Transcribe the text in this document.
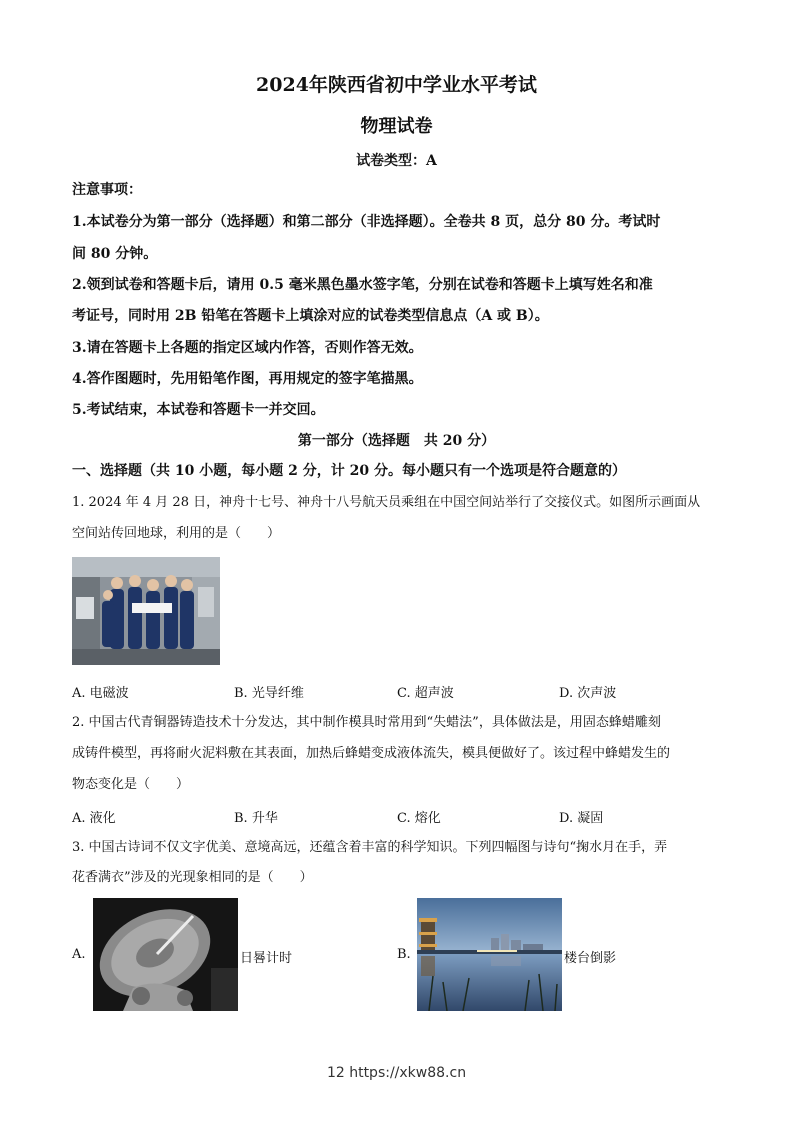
2024年陕西省初中学业水平考试
物理试卷
试卷类型：A
注意事项：
1.本试卷分为第一部分（选择题）和第二部分（非选择题）。全卷共 8 页，总分 80 分。考试时
间 80 分钟。
2.领到试卷和答题卡后，请用 0.5 毫米黑色墨水签字笔，分别在试卷和答题卡上填写姓名和准
考证号，同时用 2B 铅笔在答题卡上填涂对应的试卷类型信息点（A 或 B）。
3.请在答题卡上各题的指定区域内作答，否则作答无效。
4.答作图题时，先用铅笔作图，再用规定的签字笔描黑。
5.考试结束，本试卷和答题卡一并交回。
第一部分（选择题　共 20 分）
一、选择题（共 10 小题，每小题 2 分，计 20 分。每小题只有一个选项是符合题意的）
1. 2024 年 4 月 28 日，神舟十七号、神舟十八号航天员乘组在中国空间站举行了交接仪式。如图所示画面从
空间站传回地球，利用的是（　　）
A. 电磁波	B. 光导纤维	C. 超声波	D. 次声波
2. 中国古代青铜器铸造技术十分发达，其中制作模具时常用到“失蜡法”，具体做法是，用固态蜂蜡雕刻
成铸件模型，再将耐火泥料敷在其表面，加热后蜂蜡变成液体流失，模具便做好了。该过程中蜂蜡发生的
物态变化是（　　）
A. 液化	B. 升华	C. 熔化	D. 凝固
3. 中国古诗词不仅文字优美、意境高远，还蕴含着丰富的科学知识。下列四幅图与诗句“掬水月在手，弄
花香满衣”涉及的光现象相同的是（　　）
A.	日晷计时	B.	楼台倒影
12 https://xkw88.cn
